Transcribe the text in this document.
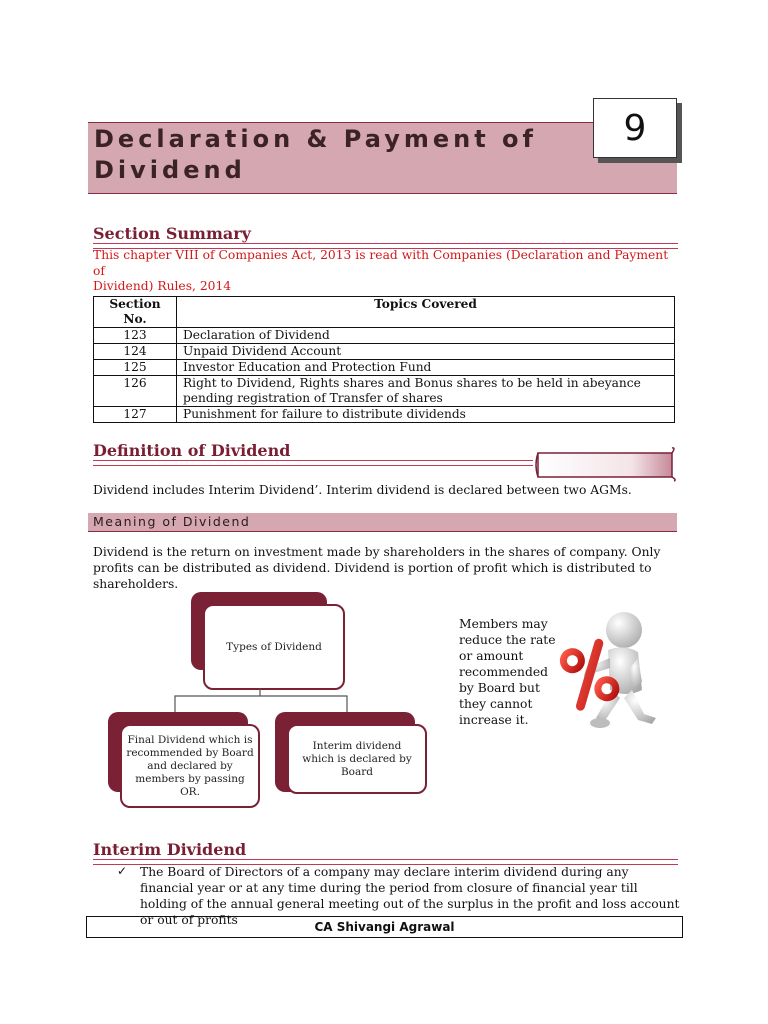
Declaration & Payment of
Dividend
9
Section Summary
This chapter VIII of Companies Act, 2013 is read with Companies (Declaration and Payment of
Dividend) Rules, 2014
Section No.	Topics Covered
123	Declaration of Dividend
124	Unpaid Dividend Account
125	Investor Education and Protection Fund
126	Right to Dividend, Rights shares and Bonus shares to be held in abeyance pending registration of Transfer of shares
127	Punishment for failure to distribute dividends
Definition of Dividend
Dividend includes Interim Dividend’. Interim dividend is declared between two AGMs.
Meaning of Dividend
Dividend is the return on investment made by shareholders in the shares of company. Only profits can be distributed as dividend. Dividend is portion of profit which is distributed to shareholders.
Types of Dividend
Final Dividend which is recommended by Board and declared by members by passing OR.
Interim dividend which is declared by Board
Members may reduce the rate or amount recommended by Board but they cannot increase it.
Interim Dividend
✓ The Board of Directors of a company may declare interim dividend during any financial year or at any time during the period from closure of financial year till holding of the annual general meeting out of the surplus in the profit and loss account or out of profits	CA Shivangi Agrawal
